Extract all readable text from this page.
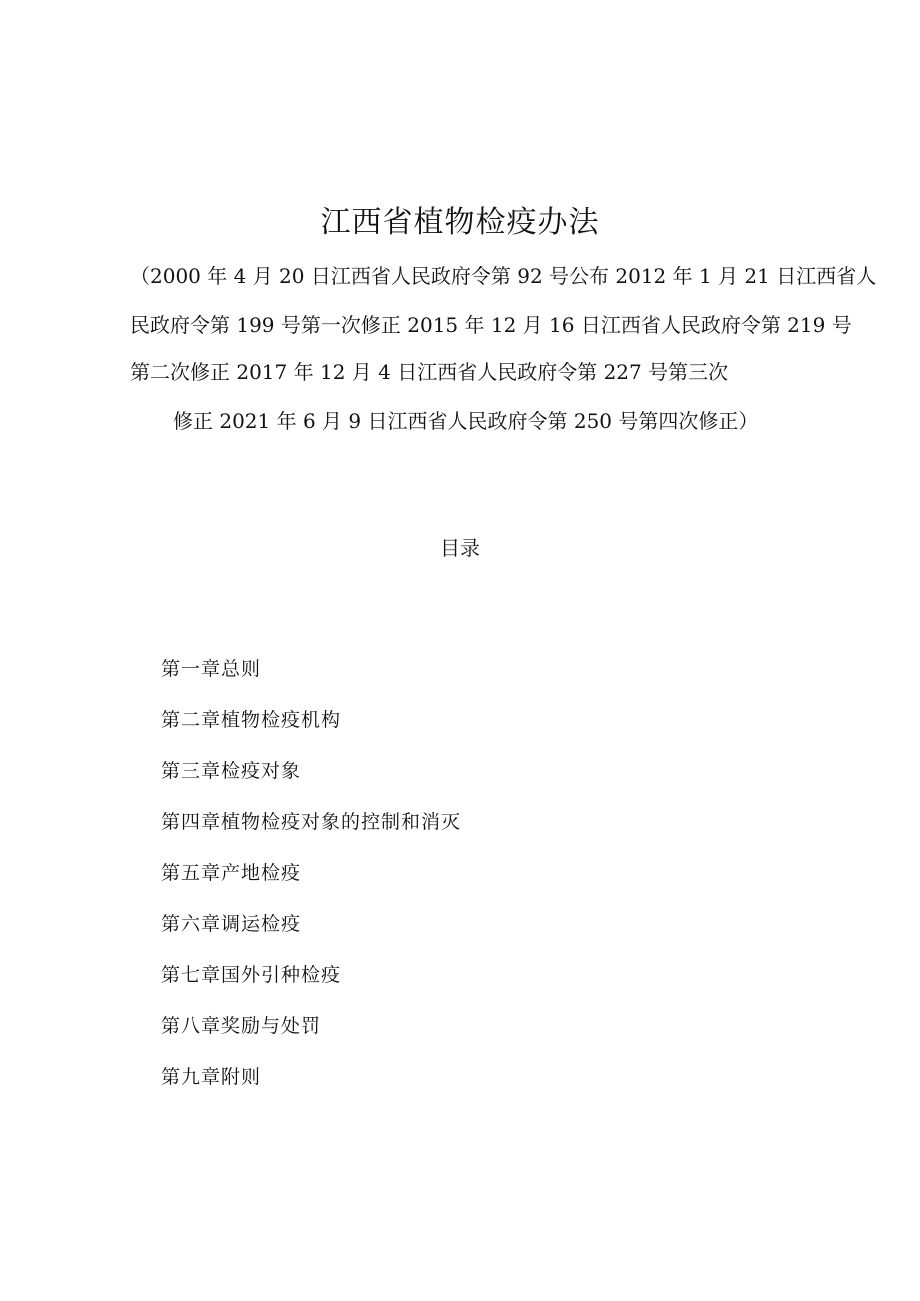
江西省植物检疫办法

（2000 年 4 月 20 日江西省人民政府令第 92 号公布 2012 年 1 月 21 日江西省人

民政府令第 199 号第一次修正 2015 年 12 月 16 日江西省人民政府令第 219 号

第二次修正 2017 年 12 月 4 日江西省人民政府令第 227 号第三次

修正 2021 年 6 月 9 日江西省人民政府令第 250 号第四次修正）

目录
第一章总则
第二章植物检疫机构
第三章检疫对象
第四章植物检疫对象的控制和消灭
第五章产地检疫
第六章调运检疫
第七章国外引种检疫
第八章奖励与处罚
第九章附则
